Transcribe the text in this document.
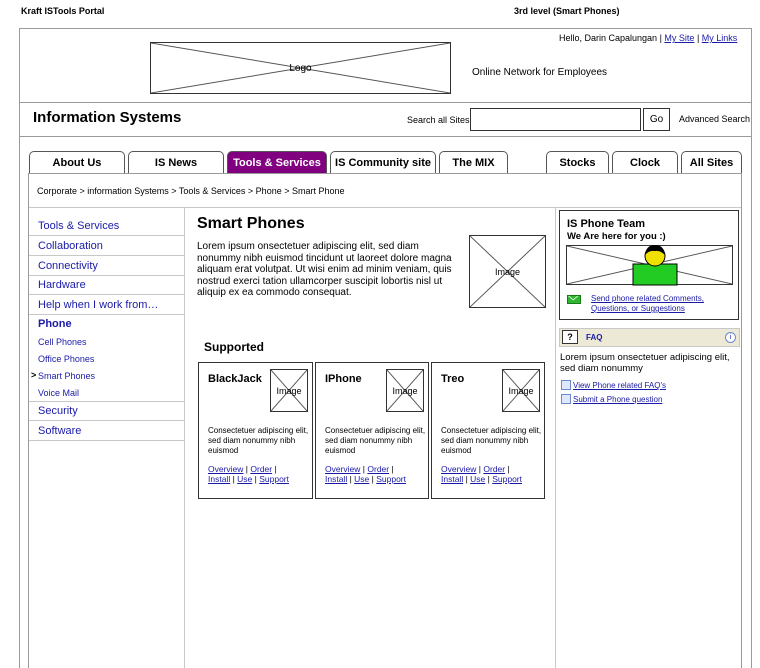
Kraft ISTools Portal	3rd level (Smart Phones)
Hello, Darin Capalungan | My Site | My Links
Logo	Online Network for Employees
Information Systems	Search all Sites	Go	Advanced Search
About Us	IS News	Tools & Services	IS Community site	The MIX	Stocks	Clock	All Sites
Corporate > information Systems > Tools & Services > Phone > Smart Phone
Tools & Services
Collaboration
Connectivity
Hardware
Help when I work from…
Phone
Cell Phones
Office Phones
> Smart Phones
Voice Mail
Security
Software
Smart Phones
Lorem ipsum onsectetuer adipiscing elit, sed diam nonummy nibh euismod tincidunt ut laoreet dolore magna aliquam erat volutpat. Ut wisi enim ad minim veniam, quis nostrud exerci tation ullamcorper suscipit lobortis nisl ut aliquip ex ea commodo consequat.
Image
Supported
BlackJack
Image
Consectetuer adipiscing elit, sed diam nonummy nibh euismod
Overview | Order |
Install | Use | Support
IPhone
Image
Consectetuer adipiscing elit, sed diam nonummy nibh euismod
Overview | Order |
Install | Use | Support
Treo
Image
Consectetuer adipiscing elit, sed diam nonummy nibh euismod
Overview | Order |
Install | Use | Support
IS Phone Team
We Are here for you :)
Send phone related Comments, Questions, or Suggestions
?	FAQ	i
Lorem ipsum onsectetuer adipiscing elit, sed diam nonummy
View Phone related FAQ's
Submit a Phone question
